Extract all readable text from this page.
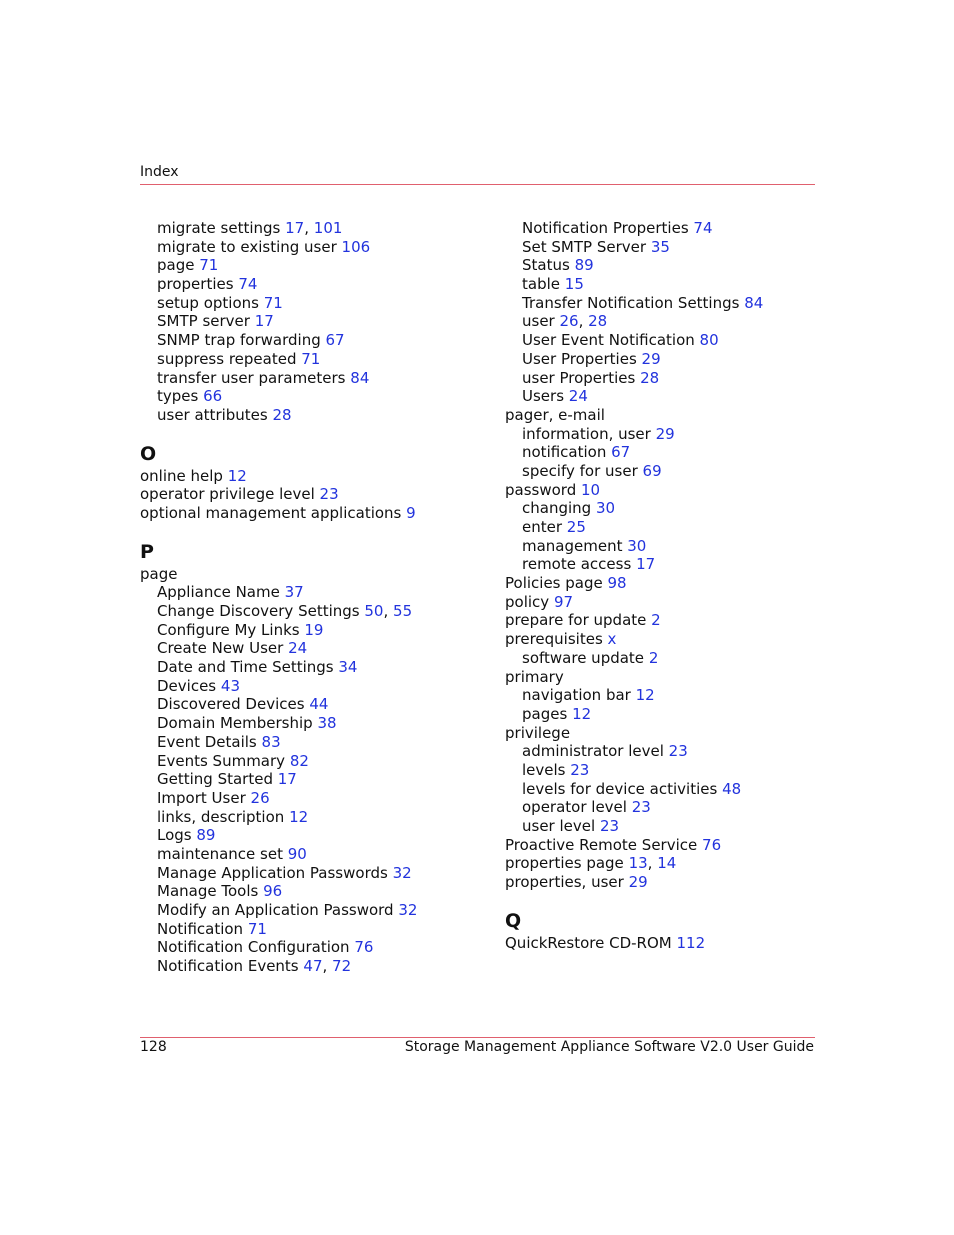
Index
migrate settings 17, 101
migrate to existing user 106
page 71
properties 74
setup options 71
SMTP server 17
SNMP trap forwarding 67
suppress repeated 71
transfer user parameters 84
types 66
user attributes 28
O
online help 12
operator privilege level 23
optional management applications 9
P
page
Appliance Name 37
Change Discovery Settings 50, 55
Configure My Links 19
Create New User 24
Date and Time Settings 34
Devices 43
Discovered Devices 44
Domain Membership 38
Event Details 83
Events Summary 82
Getting Started 17
Import User 26
links, description 12
Logs 89
maintenance set 90
Manage Application Passwords 32
Manage Tools 96
Modify an Application Password 32
Notification 71
Notification Configuration 76
Notification Events 47, 72
Notification Properties 74
Set SMTP Server 35
Status 89
table 15
Transfer Notification Settings 84
user 26, 28
User Event Notification 80
User Properties 29
user Properties 28
Users 24
pager, e-mail
information, user 29
notification 67
specify for user 69
password 10
changing 30
enter 25
management 30
remote access 17
Policies page 98
policy 97
prepare for update 2
prerequisites x
software update 2
primary
navigation bar 12
pages 12
privilege
administrator level 23
levels 23
levels for device activities 48
operator level 23
user level 23
Proactive Remote Service 76
properties page 13, 14
properties, user 29
Q
QuickRestore CD-ROM 112
128	Storage Management Appliance Software V2.0 User Guide
